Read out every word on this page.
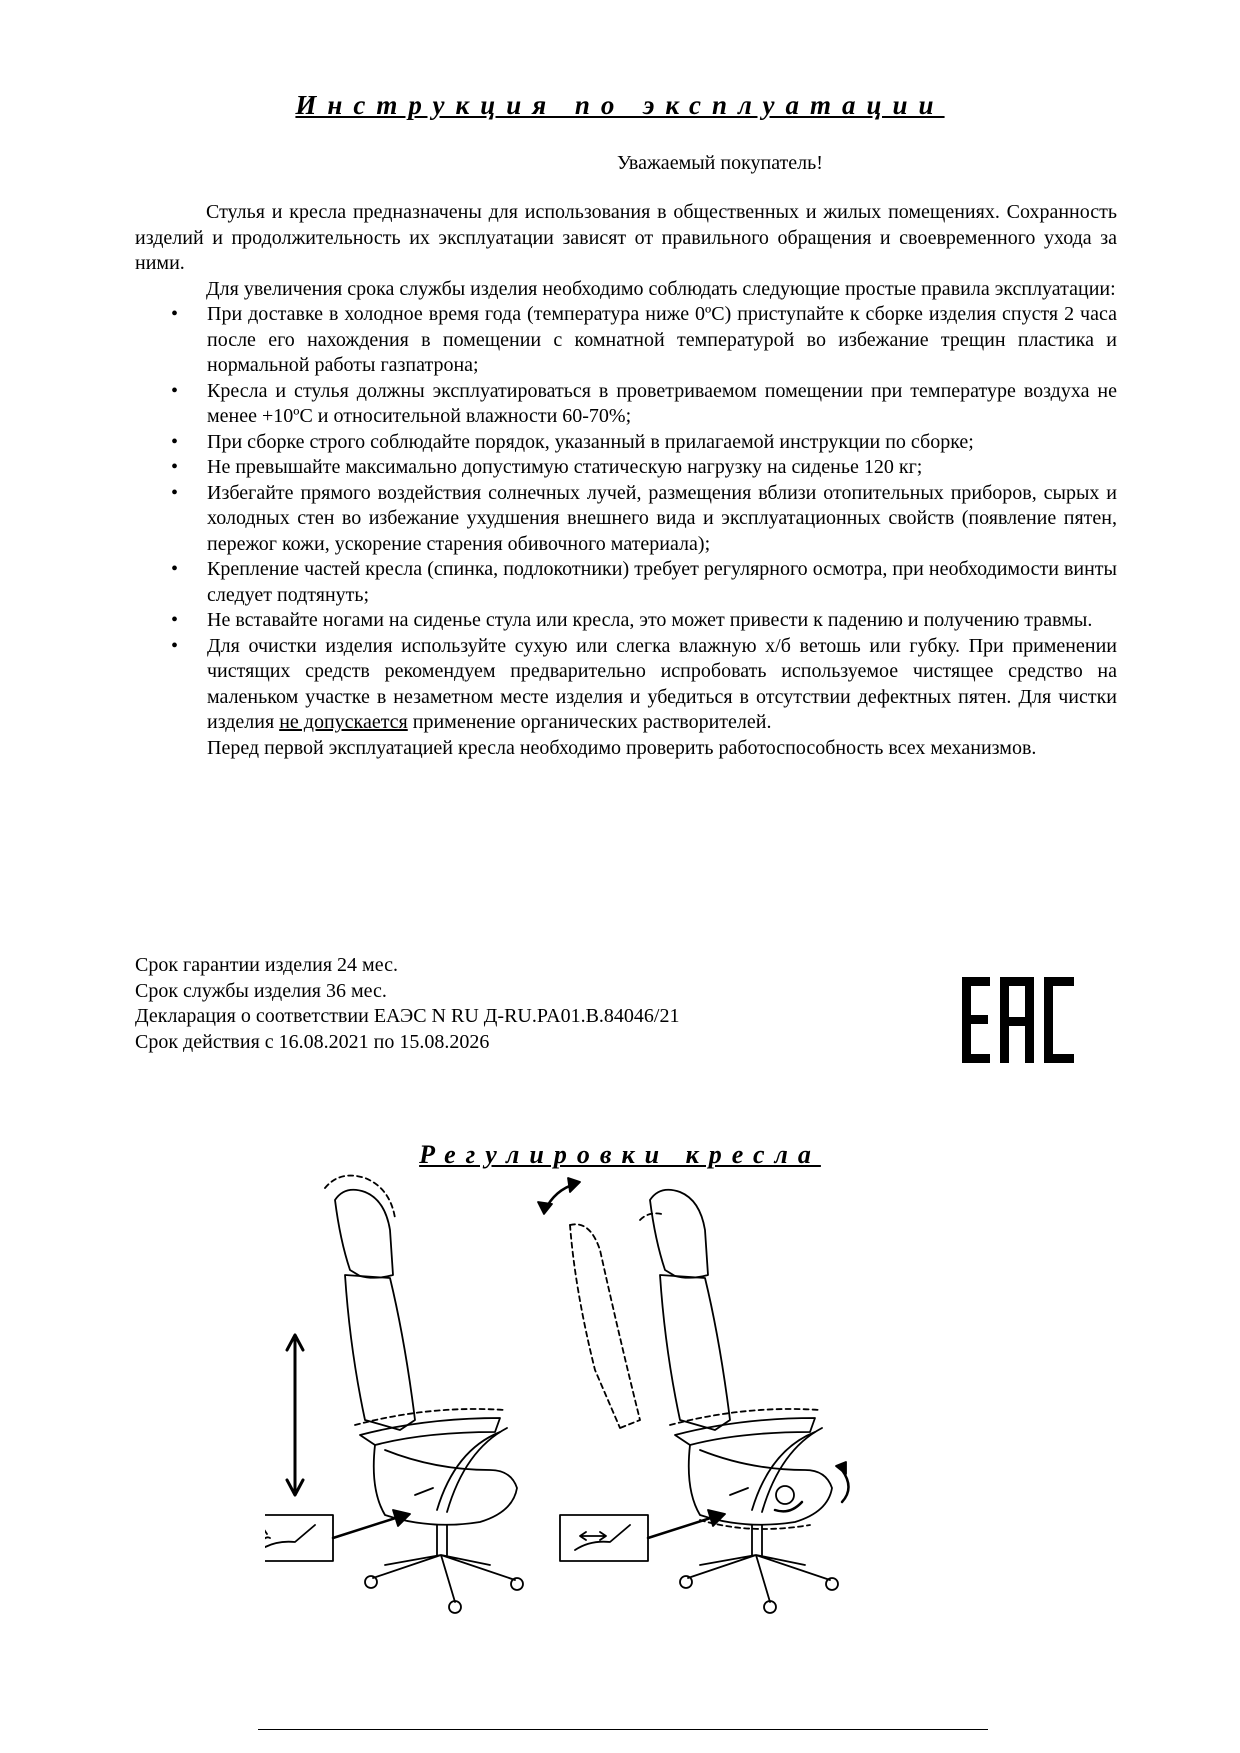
Инструкция по эксплуатации
Уважаемый покупатель!

Стулья и кресла предназначены для использования в общественных и жилых помещениях. Сохранность изделий и продолжительность их эксплуатации зависят от правильного обращения и своевременного ухода за ними.

Для увеличения срока службы изделия необходимо соблюдать следующие простые правила эксплуатации:

• При доставке в холодное время года (температура ниже 0ºС) приступайте к сборке изделия спустя 2 часа после его нахождения в помещении с комнатной температурой во избежание трещин пластика и нормальной работы газпатрона;
• Кресла и стулья должны эксплуатироваться в проветриваемом помещении при температуре воздуха не менее +10ºС и относительной влажности 60-70%;
• При сборке строго соблюдайте порядок, указанный в прилагаемой инструкции по сборке;
• Не превышайте максимально допустимую статическую нагрузку на сиденье 120 кг;
• Избегайте прямого воздействия солнечных лучей, размещения вблизи отопительных приборов, сырых и холодных стен во избежание ухудшения внешнего вида и эксплуатационных свойств (появление пятен, пережог кожи, ускорение старения обивочного материала);
• Крепление частей кресла (спинка, подлокотники) требует регулярного осмотра, при необходимости винты следует подтянуть;
• Не вставайте ногами на сиденье стула или кресла, это может привести к падению и получению травмы.
• Для очистки изделия используйте сухую или слегка влажную х/б ветошь или губку. При применении чистящих средств рекомендуем предварительно испробовать используемое чистящее средство на маленьком участке в незаметном месте изделия и убедиться в отсутствии дефектных пятен. Для чистки изделия не допускается применение органических растворителей.

Перед первой эксплуатацией кресла необходимо проверить работоспособность всех механизмов.

Срок гарантии изделия 24 мес.
Срок службы изделия 36 мес.
Декларация о соответствии ЕАЭС N RU Д-RU.PA01.B.84046/21
Срок действия с 16.08.2021 по 15.08.2026
Регулировки кресла
